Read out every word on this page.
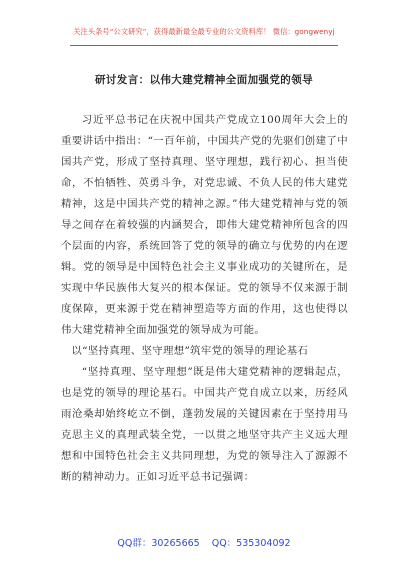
关注头条号“公文研究”，获得最新最全最专业的公文资料库！ 微信：gongwenyj
研讨发言：以伟大建党精神全面加强党的领导

习近平总书记在庆祝中国共产党成立100周年大会上的重要讲话中指出：“一百年前，中国共产党的先驱们创建了中国共产党，形成了坚持真理、坚守理想，践行初心、担当使命，不怕牺牲、英勇斗争，对党忠诚、不负人民的伟大建党精神，这是中国共产党的精神之源。”伟大建党精神与党的领导之间存在着较强的内涵契合，即伟大建党精神所包含的四个层面的内容，系统回答了党的领导的确立与优势的内在逻辑。党的领导是中国特色社会主义事业成功的关键所在，是实现中华民族伟大复兴的根本保证。党的领导不仅来源于制度保障，更来源于党在精神塑造等方面的作用，这也使得以伟大建党精神全面加强党的领导成为可能。

以“坚持真理、坚守理想”筑牢党的领导的理论基石

“坚持真理、坚守理想”既是伟大建党精神的逻辑起点，也是党的领导的理论基石。中国共产党自成立以来，历经风雨沧桑却始终屹立不倒，蓬勃发展的关键因素在于坚持用马克思主义的真理武装全党，一以贯之地坚守共产主义远大理想和中国特色社会主义共同理想，为党的领导注入了源源不断的精神动力。正如习近平总书记强调：

QQ群：30265665 QQ：535304092
